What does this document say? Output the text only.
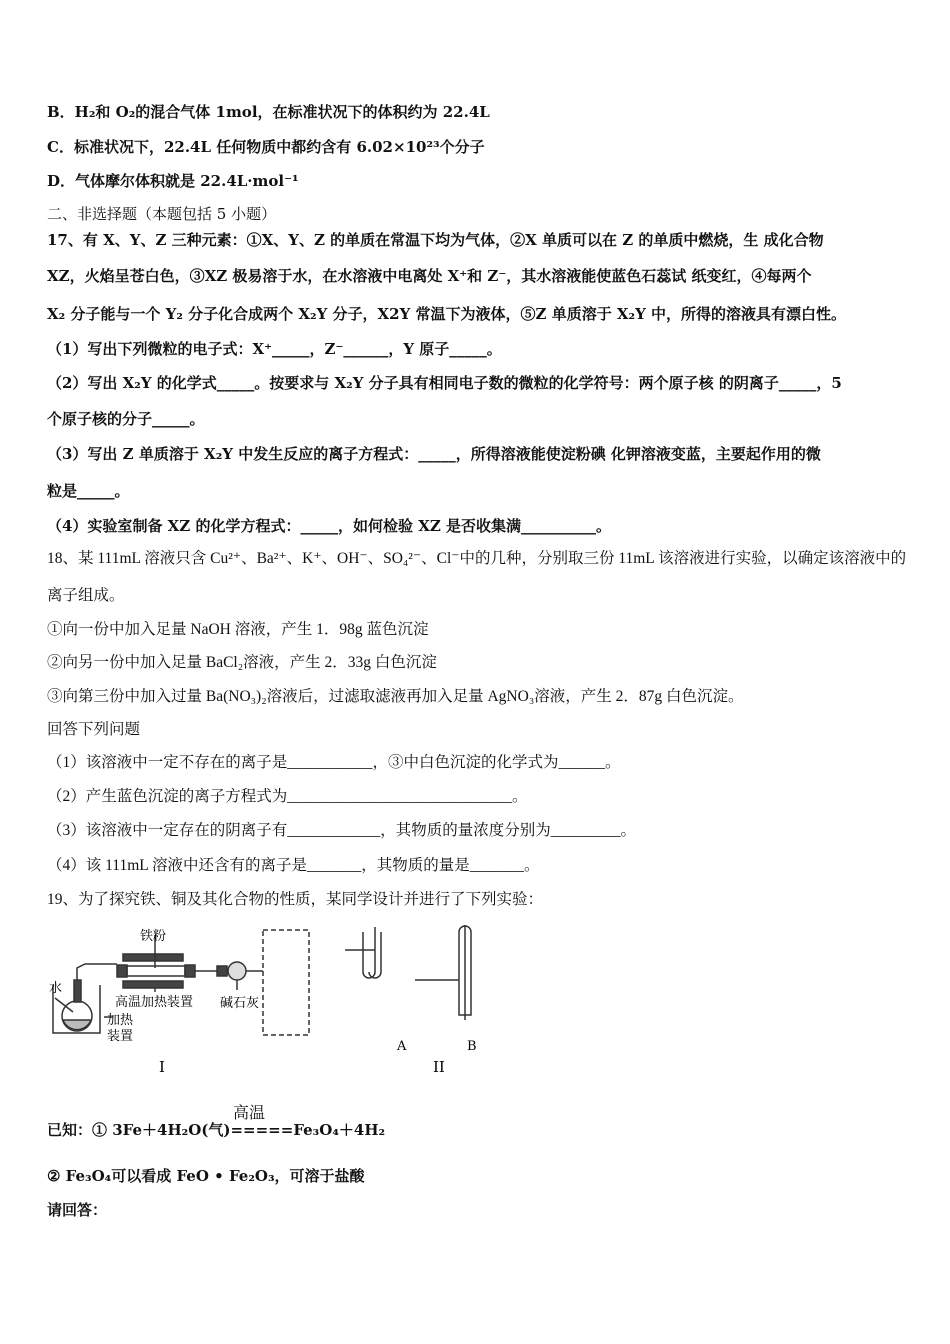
B．H₂和 O₂的混合气体 1mol，在标准状况下的体积约为 22.4L
C．标准状况下，22.4L 任何物质中都约含有 6.02×10²³个分子
D．气体摩尔体积就是 22.4L·mol⁻¹
二、非选择题（本题包括 5 小题）
17、有 X、Y、Z 三种元素：①X、Y、Z 的单质在常温下均为气体，②X 单质可以在 Z 的单质中燃烧，生 成化合物
XZ，火焰呈苍白色，③XZ 极易溶于水，在水溶液中电离处 X⁺和 Z⁻，其水溶液能使蓝色石蕊试 纸变红，④每两个
X₂ 分子能与一个 Y₂ 分子化合成两个 X₂Y 分子，X2Y 常温下为液体，⑤Z 单质溶于 X₂Y 中，所得的溶液具有漂白性。
（1）写出下列微粒的电子式：X⁺_____，Z⁻______，Y 原子_____。
（2）写出 X₂Y 的化学式_____。按要求与 X₂Y 分子具有相同电子数的微粒的化学符号：两个原子核 的阴离子_____，5
个原子核的分子_____。
（3）写出 Z 单质溶于 X₂Y 中发生反应的离子方程式：_____，所得溶液能使淀粉碘 化钾溶液变蓝，主要起作用的微
粒是_____。
（4）实验室制备 XZ 的化学方程式：_____，如何检验 XZ 是否收集满__________。
18、某 111mL 溶液只含 Cu²⁺、Ba²⁺、K⁺、OH⁻、SO₄²⁻、Cl⁻中的几种，分别取三份 11mL 该溶液进行实验，以确定该溶液中的
离子组成。
①向一份中加入足量 NaOH 溶液，产生 1．98g 蓝色沉淀
②向另一份中加入足量 BaCl₂溶液，产生 2．33g 白色沉淀
③向第三份中加入过量 Ba(NO₃)₂溶液后，过滤取滤液再加入足量 AgNO₃溶液，产生 2．87g 白色沉淀。
回答下列问题
（1）该溶液中一定不存在的离子是___________，③中白色沉淀的化学式为______。
（2）产生蓝色沉淀的离子方程式为_____________________________。
（3）该溶液中一定存在的阴离子有____________，其物质的量浓度分别为_________。
（4）该 111mL 溶液中还含有的离子是_______，其物质的量是_______。
19、为了探究铁、铜及其化合物的性质，某同学设计并进行了下列实验：
铁粉
水
高温加热装置 碱石灰
加热
装置
I	II
A	B
高温
已知：① 3Fe＋4H₂O(气)=====Fe₃O₄＋4H₂
② Fe₃O₄可以看成 FeO • Fe₂O₃，可溶于盐酸
请回答：
